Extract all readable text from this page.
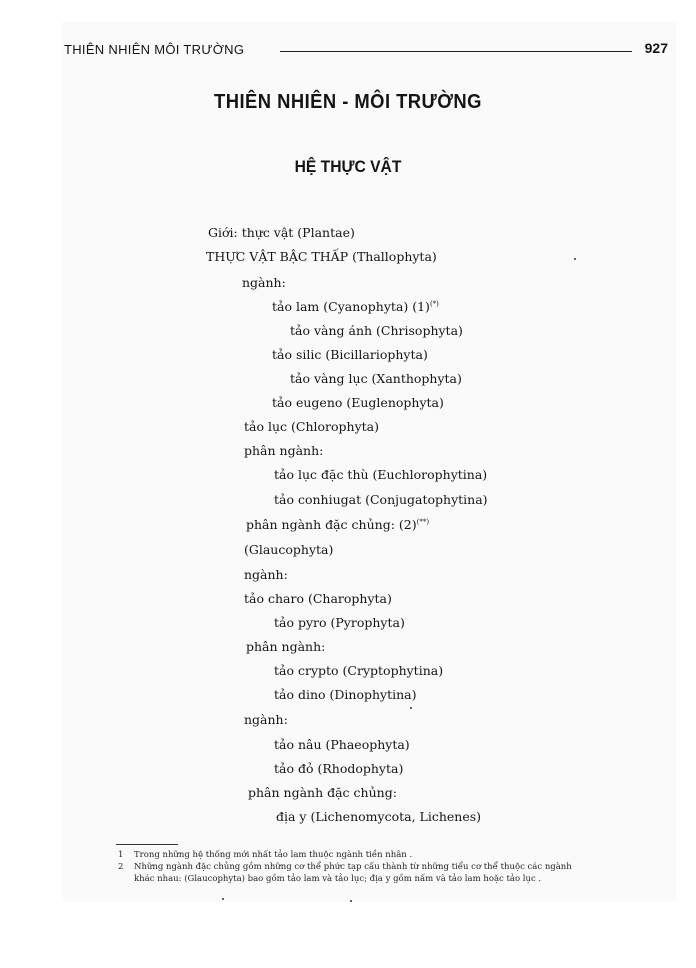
THIÊN NHIÊN MÔI TRƯỜNG	927
THIÊN NHIÊN - MÔI TRƯỜNG
HỆ THỰC VẬT
Giới: thực vật (Plantae)
THỰC VẬT BẬC THẤP (Thallophyta)
ngành:
tảo lam (Cyanophyta) (1)(*)
tảo vàng ánh (Chrisophyta)
tảo silic (Bicillariophyta)
tảo vàng lục (Xanthophyta)
tảo eugeno (Euglenophyta)
tảo lục (Chlorophyta)
phân ngành:
tảo lục đặc thù (Euchlorophytina)
tảo conhiugat (Conjugatophytina)
phân ngành đặc chủng: (2)(**)
(Glaucophyta)
ngành:
tảo charo (Charophyta)
tảo pyro (Pyrophyta)
phân ngành:
tảo crypto (Cryptophytina)
tảo dino (Dinophytina)
ngành:
tảo nâu (Phaeophyta)
tảo đỏ (Rhodophyta)
phân ngành đặc chủng:
địa y (Lichenomycota, Lichenes)
1 Trong những hệ thống mới nhất tảo lam thuộc ngành tiền nhân .
2 Những ngành đặc chủng gồm những cơ thể phức tạp cấu thành từ những tiểu cơ thể thuộc các ngành
khác nhau: (Glaucophyta) bao gồm tảo lam và tảo lục; địa y gồm nấm và tảo lam hoặc tảo lục .
